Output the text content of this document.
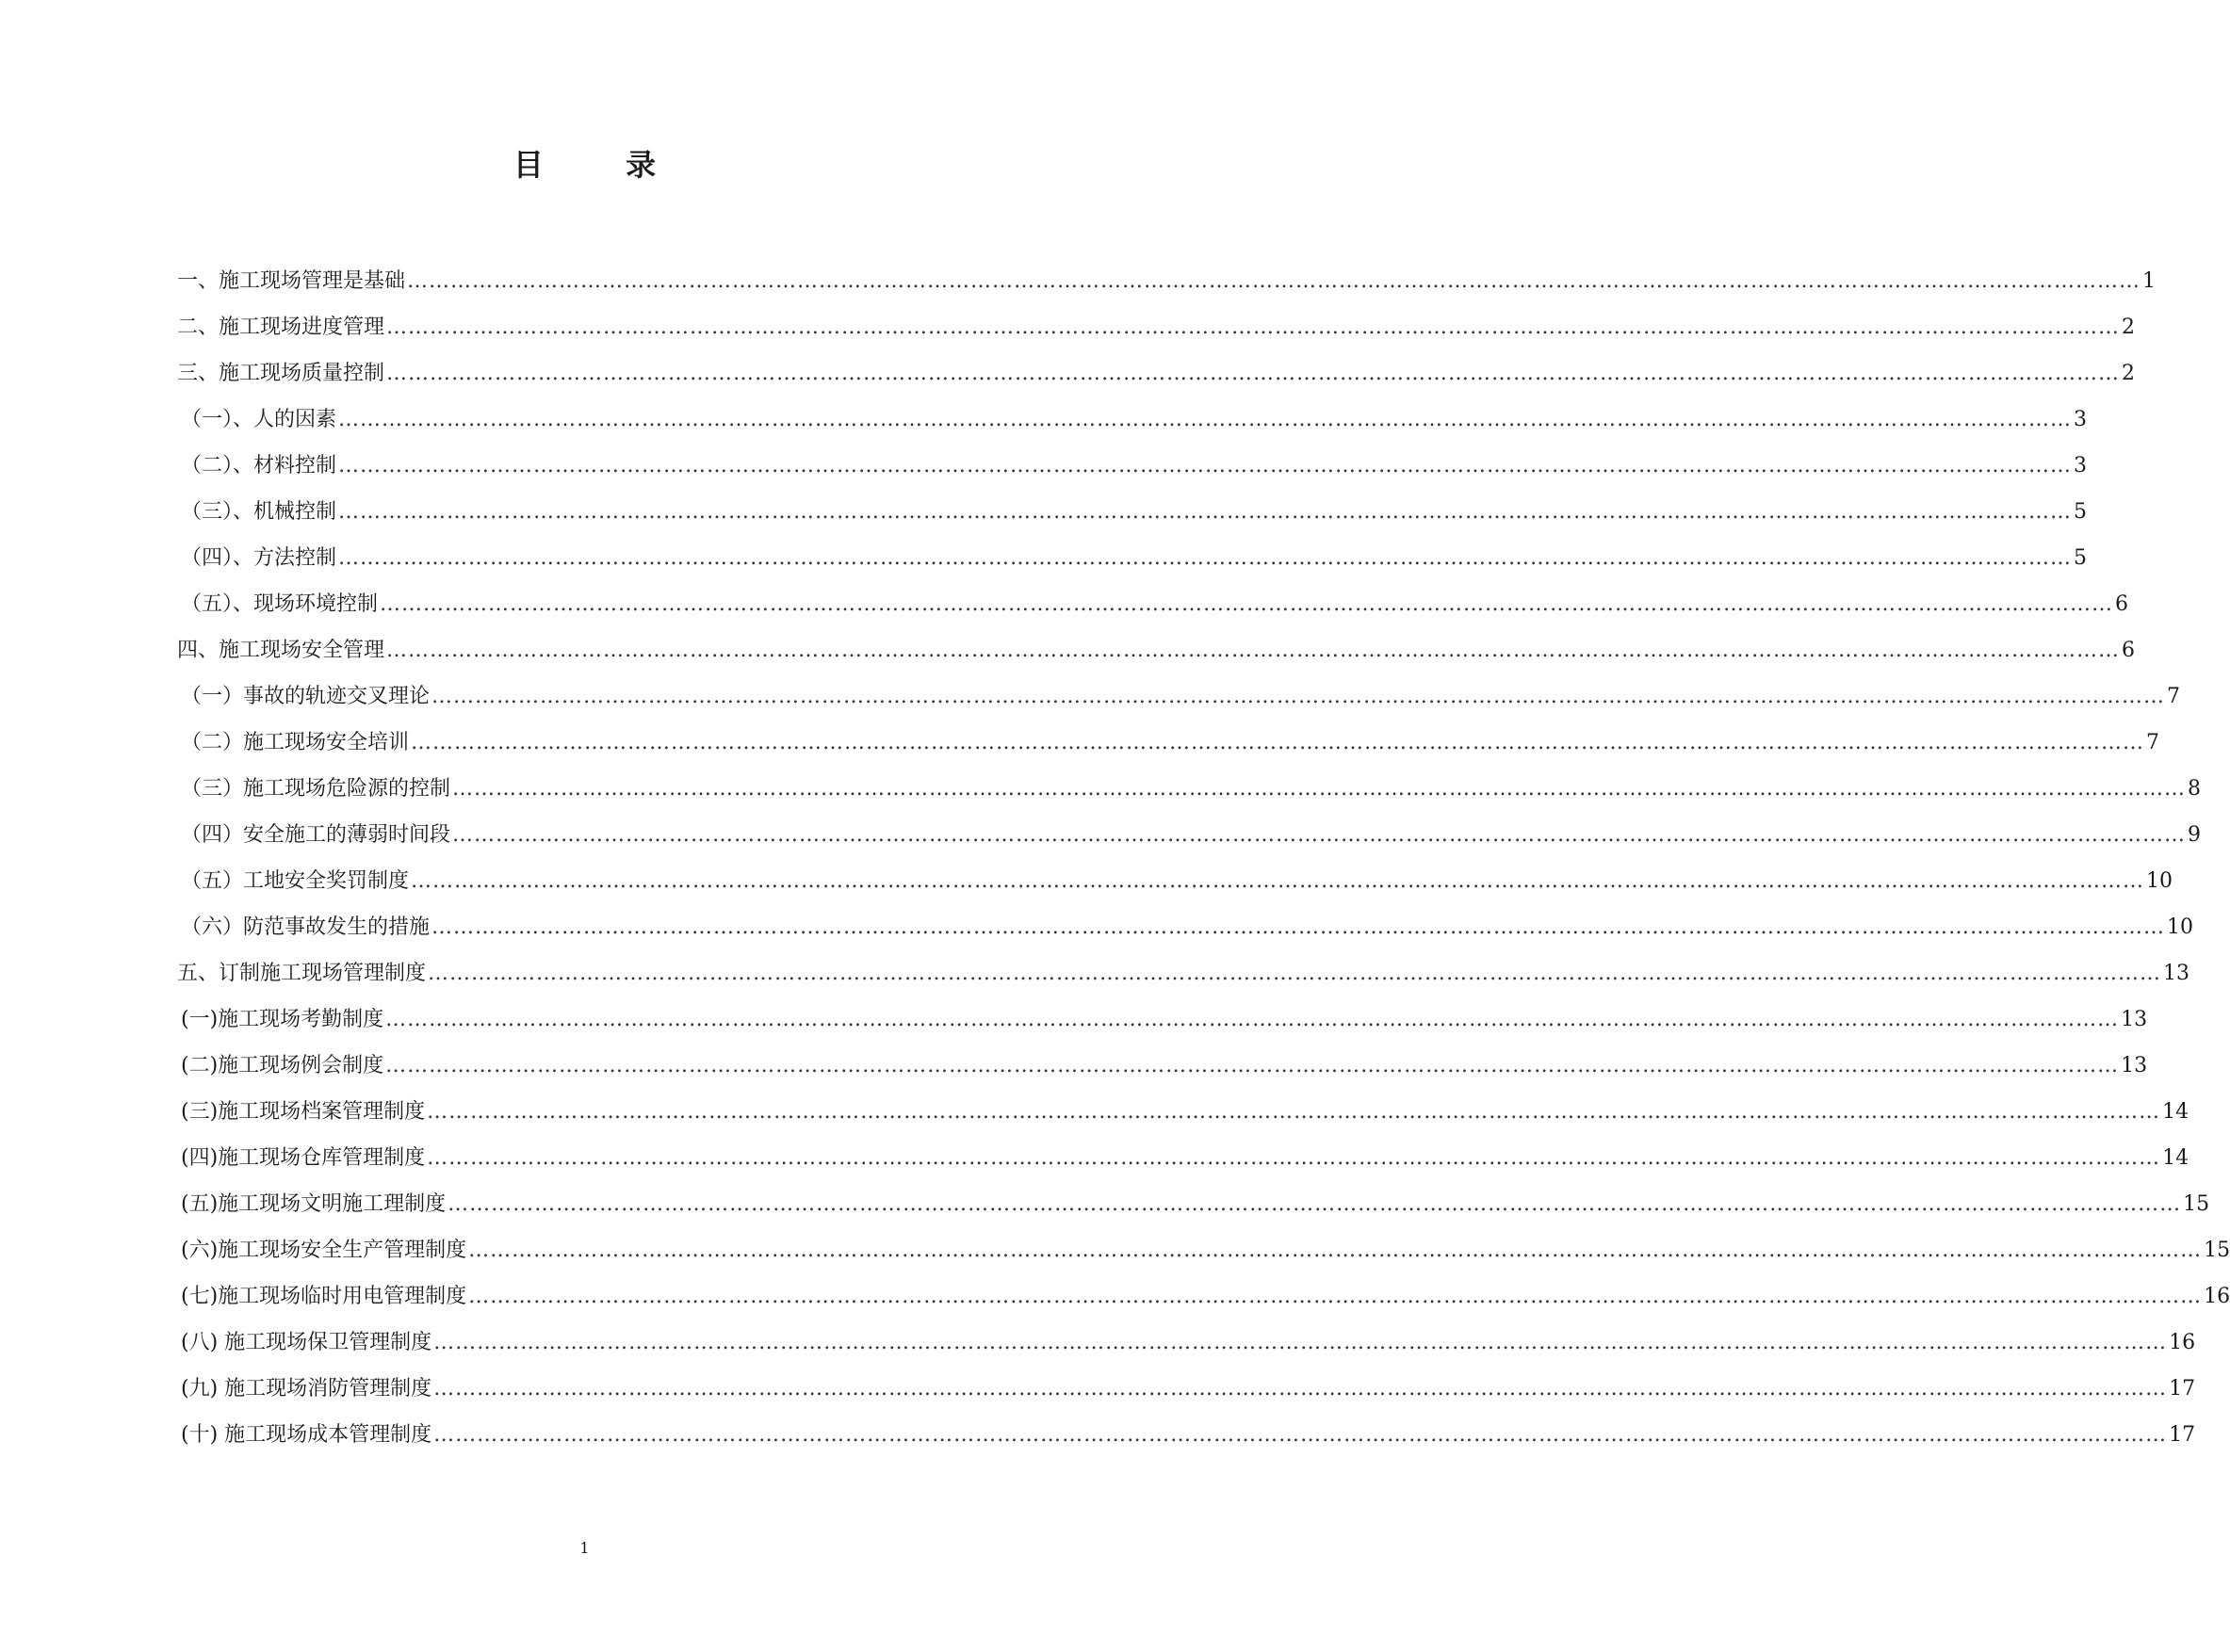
目 录
一、施工现场管理是基础 …………………………………………………………………………………………………………………………………………………………………………………………………………………… 1
二、施工现场进度管理 …………………………………………………………………………………………………………………………………………………………………………………………………………………… 2
三、施工现场质量控制 …………………………………………………………………………………………………………………………………………………………………………………………………………………… 2
（一）、人的因素 …………………………………………………………………………………………………………………………………………………………………………………………………………………… 3
（二）、材料控制 …………………………………………………………………………………………………………………………………………………………………………………………………………………… 3
（三）、机械控制 …………………………………………………………………………………………………………………………………………………………………………………………………………………… 5
（四）、方法控制 …………………………………………………………………………………………………………………………………………………………………………………………………………………… 5
（五）、现场环境控制 …………………………………………………………………………………………………………………………………………………………………………………………………………………… 6
四、施工现场安全管理 …………………………………………………………………………………………………………………………………………………………………………………………………………………… 6
（一）事故的轨迹交叉理论 …………………………………………………………………………………………………………………………………………………………………………………………………………………… 7
（二）施工现场安全培训 …………………………………………………………………………………………………………………………………………………………………………………………………………………… 7
（三）施工现场危险源的控制 …………………………………………………………………………………………………………………………………………………………………………………………………………………… 8
（四）安全施工的薄弱时间段 …………………………………………………………………………………………………………………………………………………………………………………………………………………… 9
（五）工地安全奖罚制度 …………………………………………………………………………………………………………………………………………………………………………………………………………………… 10
（六）防范事故发生的措施 …………………………………………………………………………………………………………………………………………………………………………………………………………………… 10
五、订制施工现场管理制度 …………………………………………………………………………………………………………………………………………………………………………………………………………………… 13
(一)施工现场考勤制度 …………………………………………………………………………………………………………………………………………………………………………………………………………………… 13
(二)施工现场例会制度 …………………………………………………………………………………………………………………………………………………………………………………………………………………… 13
(三)施工现场档案管理制度 …………………………………………………………………………………………………………………………………………………………………………………………………………………… 14
(四)施工现场仓库管理制度 …………………………………………………………………………………………………………………………………………………………………………………………………………………… 14
(五)施工现场文明施工理制度 …………………………………………………………………………………………………………………………………………………………………………………………………………………… 15
(六)施工现场安全生产管理制度 …………………………………………………………………………………………………………………………………………………………………………………………………………………… 15
(七)施工现场临时用电管理制度 …………………………………………………………………………………………………………………………………………………………………………………………………………………… 16
(八) 施工现场保卫管理制度 …………………………………………………………………………………………………………………………………………………………………………………………………………………… 16
(九) 施工现场消防管理制度 …………………………………………………………………………………………………………………………………………………………………………………………………………………… 17
(十) 施工现场成本管理制度 …………………………………………………………………………………………………………………………………………………………………………………………………………………… 17
1
